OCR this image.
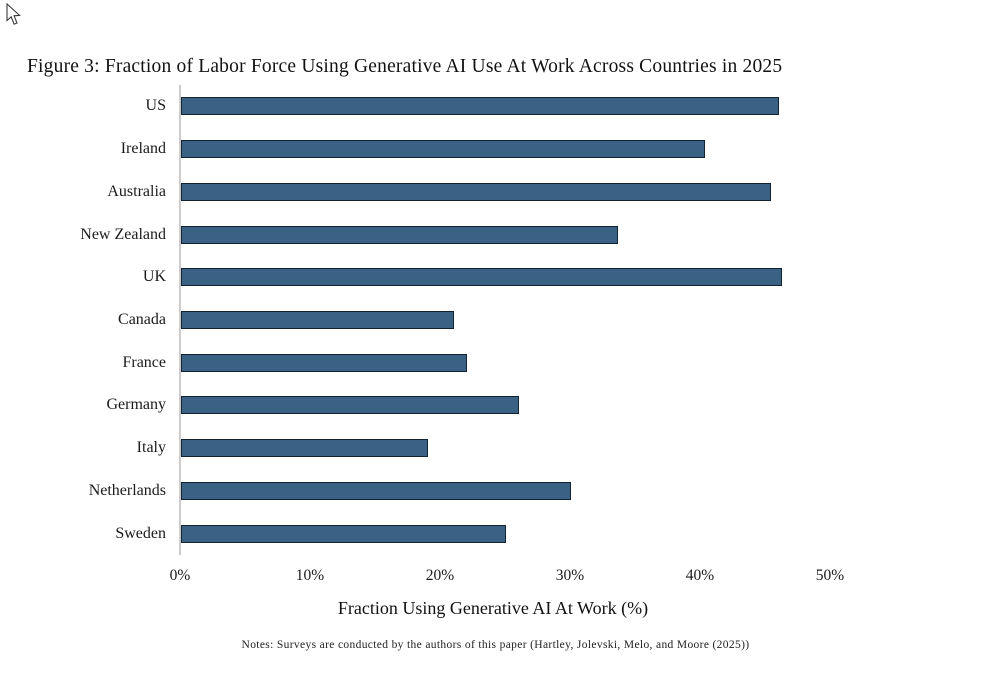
Figure 3: Fraction of Labor Force Using Generative AI Use At Work Across Countries in 2025
US
Ireland
Australia
New Zealand
UK
Canada
France
Germany
Italy
Netherlands
Sweden
0%	10%	20%	30%	40%	50%
Fraction Using Generative AI At Work (%)
Notes: Surveys are conducted by the authors of this paper (Hartley, Jolevski, Melo, and Moore (2025))
